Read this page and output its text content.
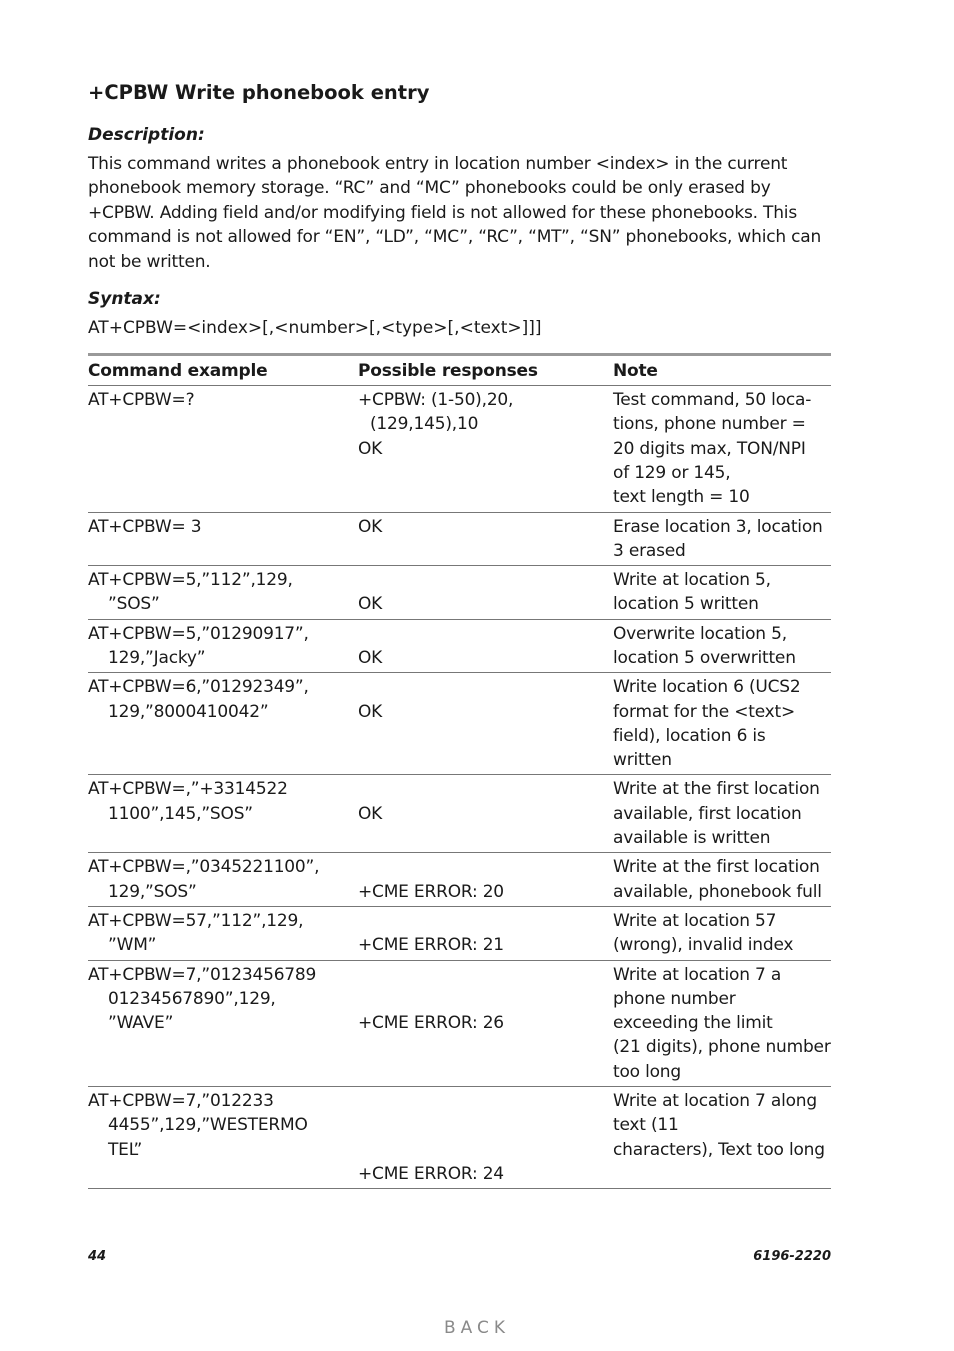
+CPBW Write phonebook entry
Description:
This command writes a phonebook entry in location number <index> in the current
phonebook memory storage. “RC” and “MC” phonebooks could be only erased by
+CPBW. Adding field and/or modifying field is not allowed for these phonebooks. This
command is not allowed for “EN”, “LD”, “MC”, “RC”, “MT”, “SN” phonebooks, which can
not be written.
Syntax:
AT+CPBW=<index>[,<number>[,<type>[,<text>]]]
Command example	Possible responses	Note

AT+CPBW=?	+CPBW: (1-50),20,
(129,145),10
OK	Test command, 50 loca-
tions, phone number =
20 digits max, TON/NPI
of 129 or 145,
text length = 10

AT+CPBW= 3	OK	Erase location 3, location
3 erased

AT+CPBW=5,”112”,129,
”SOS”	OK	Write at location 5,
location 5 written

AT+CPBW=5,”01290917”,
129,”Jacky”	OK	Overwrite location 5,
location 5 overwritten

AT+CPBW=6,”01292349”,
129,”8000410042”	OK	Write location 6 (UCS2
format for the <text>
field), location 6 is
written

AT+CPBW=,”+3314522
1100”,145,”SOS”	OK	Write at the first location
available, first location
available is written

AT+CPBW=,”0345221100”,
129,”SOS”	+CME ERROR: 20	Write at the first location
available, phonebook full

AT+CPBW=57,”112”,129,
”WM”	+CME ERROR: 21	Write at location 57
(wrong), invalid index

AT+CPBW=7,”0123456789
01234567890”,129,
”WAVE”	+CME ERROR: 26	Write at location 7 a
phone number
exceeding the limit
(21 digits), phone number
too long

AT+CPBW=7,”012233
4455”,129,”WESTERMO
TEL”	+CME ERROR: 24	Write at location 7 along
text (11
characters), Text too long
44	6196-2220
BACK
